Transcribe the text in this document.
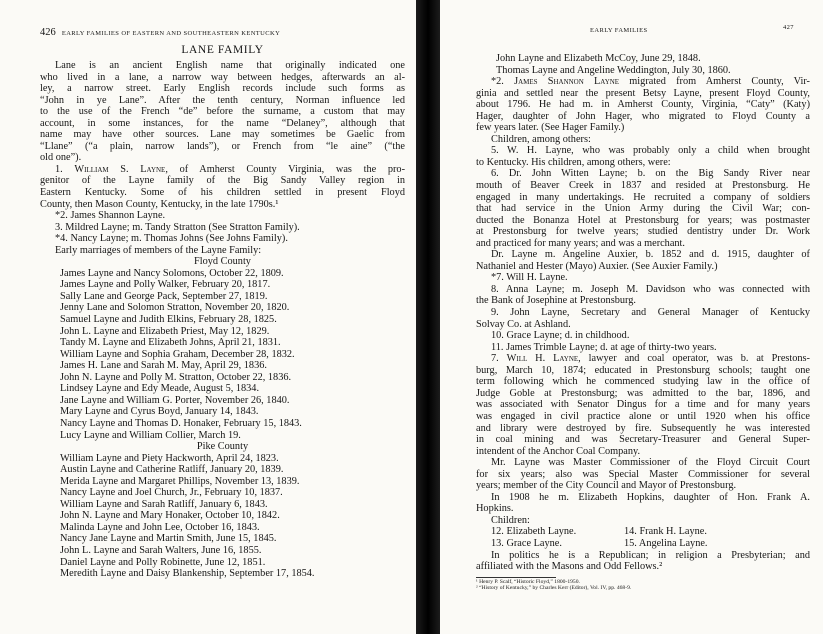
426 EARLY FAMILIES OF EASTERN AND SOUTHEASTERN KENTUCKY
LANE FAMILY
Lane is an ancient English name that originally indicated one
who lived in a lane, a narrow way between hedges, afterwards an al-
ley, a narrow street. Early English records include such forms as
“John in ye Lane”. After the tenth century, Norman influence led
to the use of the French “de” before the surname, a custom that may
account, in some instances, for the name “Delaney”, although that
name may have other sources. Lane may sometimes be Gaelic from
“Llane” (“a plain, narrow lands”), or French from “le aine” (“the
old one”).
1. William S. Layne, of Amherst County Virginia, was the pro-
genitor of the Layne family of the Big Sandy Valley region in
Eastern Kentucky. Some of his children settled in present Floyd
County, then Mason County, Kentucky, in the late 1790s.¹
*2. James Shannon Layne.
3. Mildred Layne; m. Tandy Stratton (See Stratton Family).
*4. Nancy Layne; m. Thomas Johns (See Johns Family).
Early marriages of members of the Layne Family:
Floyd County
James Layne and Nancy Solomons, October 22, 1809.
James Layne and Polly Walker, February 20, 1817.
Sally Lane and George Pack, September 27, 1819.
Jenny Lane and Solomon Stratton, November 20, 1820.
Samuel Layne and Judith Elkins, February 28, 1825.
John L. Layne and Elizabeth Priest, May 12, 1829.
Tandy M. Layne and Elizabeth Johns, April 21, 1831.
William Layne and Sophia Graham, December 28, 1832.
James H. Lane and Sarah M. May, April 29, 1836.
John N. Layne and Polly M. Stratton, October 22, 1836.
Lindsey Layne and Edy Meade, August 5, 1834.
Jane Layne and William G. Porter, November 26, 1840.
Mary Layne and Cyrus Boyd, January 14, 1843.
Nancy Layne and Thomas D. Honaker, February 15, 1843.
Lucy Layne and William Collier, March 19.
Pike County
William Layne and Piety Hackworth, April 24, 1823.
Austin Layne and Catherine Ratliff, January 20, 1839.
Merida Layne and Margaret Phillips, November 13, 1839.
Nancy Layne and Joel Church, Jr., February 10, 1837.
William Layne and Sarah Ratliff, January 6, 1843.
John N. Layne and Mary Honaker, October 10, 1842.
Malinda Layne and John Lee, October 16, 1843.
Nancy Jane Layne and Martin Smith, June 15, 1845.
John L. Layne and Sarah Walters, June 16, 1855.
Daniel Layne and Polly Robinette, June 12, 1851.
Meredith Layne and Daisy Blankenship, September 17, 1854.
EARLY FAMILIES	427
John Layne and Elizabeth McCoy, June 29, 1848.
Thomas Layne and Angeline Weddington, July 30, 1860.
*2. James Shannon Layne migrated from Amherst County, Vir-
ginia and settled near the present Betsy Layne, present Floyd County,
about 1796. He had m. in Amherst County, Virginia, “Caty” (Katy)
Hager, daughter of John Hager, who migrated to Floyd County a
few years later. (See Hager Family.)
Children, among others:
5. W. H. Layne, who was probably only a child when brought
to Kentucky. His children, among others, were:
6. Dr. John Witten Layne; b. on the Big Sandy River near
mouth of Beaver Creek in 1837 and resided at Prestonsburg. He
engaged in many undertakings. He recruited a company of soldiers
that had service in the Union Army during the Civil War; con-
ducted the Bonanza Hotel at Prestonsburg for years; was postmaster
at Prestonsburg for twelve years; studied dentistry under Dr. Work
and practiced for many years; and was a merchant.
Dr. Layne m. Angeline Auxier, b. 1852 and d. 1915, daughter of
Nathaniel and Hester (Mayo) Auxier. (See Auxier Family.)
*7. Will H. Layne.
8. Anna Layne; m. Joseph M. Davidson who was connected with
the Bank of Josephine at Prestonsburg.
9. John Layne, Secretary and General Manager of Kentucky
Solvay Co. at Ashland.
10. Grace Layne; d. in childhood.
11. James Trimble Layne; d. at age of thirty-two years.
7. Will H. Layne, lawyer and coal operator, was b. at Prestons-
burg, March 10, 1874; educated in Prestonsburg schools; taught one
term following which he commenced studying law in the office of
Judge Goble at Prestonsburg; was admitted to the bar, 1896, and
was associated with Senator Dingus for a time and for many years
was engaged in civil practice alone or until 1920 when his office
and library were destroyed by fire. Subsequently he was interested
in coal mining and was Secretary-Treasurer and General Super-
intendent of the Anchor Coal Company.
Mr. Layne was Master Commissioner of the Floyd Circuit Court
for six years; also was Special Master Commissioner for several
years; member of the City Council and Mayor of Prestonsburg.
In 1908 he m. Elizabeth Hopkins, daughter of Hon. Frank A.
Hopkins.
Children:
12. Elizabeth Layne.	14. Frank H. Layne.
13. Grace Layne.	15. Angelina Layne.
In politics he is a Republican; in religion a Presbyterian; and
affiliated with the Masons and Odd Fellows.²
¹ Henry P. Scalf, “Historic Floyd,” 1800-1950.
² “History of Kentucky,” by Charles Kerr (Editor), Vol. IV, pp. 468-9.
